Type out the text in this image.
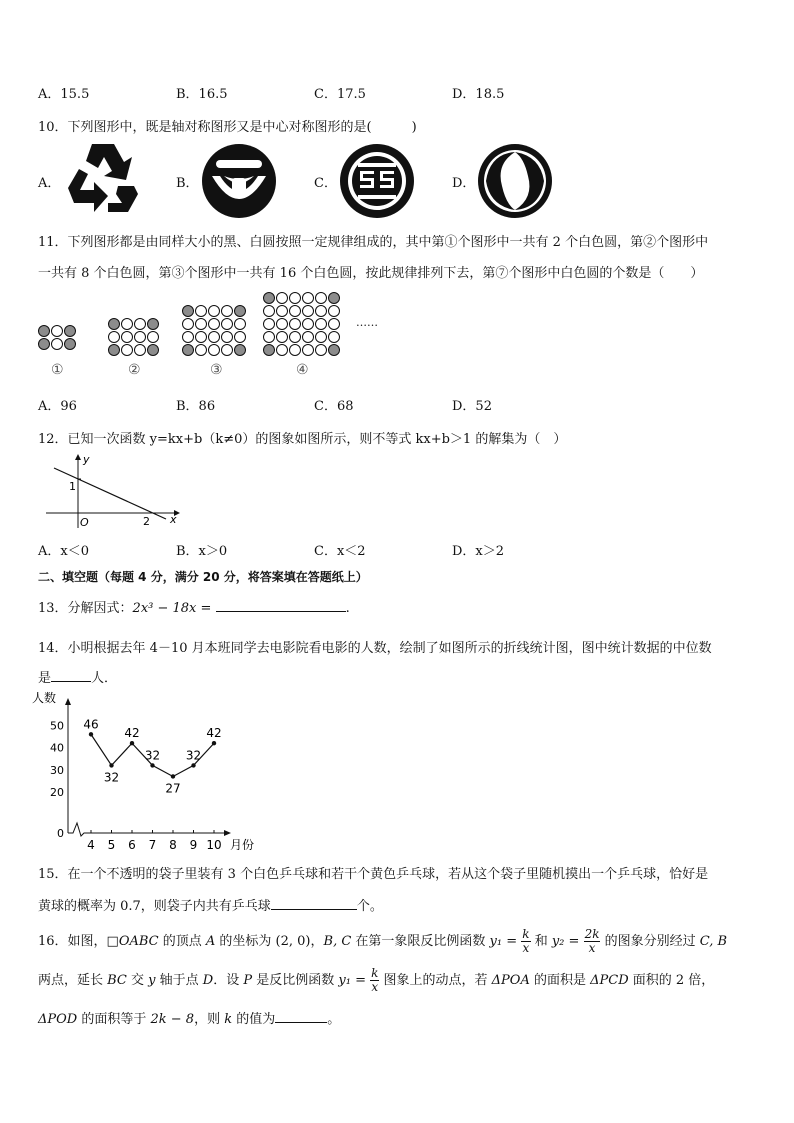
A．15.5	B．16.5	C．17.5	D．18.5
10．下列图形中，既是轴对称图形又是中心对称图形的是(	)
A．	B．	C．	D．
11．下列图形都是由同样大小的黑、白圆按照一定规律组成的，其中第①个图形中一共有 2 个白色圆，第②个图形中
一共有 8 个白色圆，第③个图形中一共有 16 个白色圆，按此规律排列下去，第⑦个图形中白色圆的个数是（　　）
①	②	③	④
……
A．96	B．86	C．68	D．52
12．已知一次函数 y=kx+b（k≠0）的图象如图所示，则不等式 kx+b＞1 的解集为（　）
y
x
O
1
2
A．x＜0	B．x＞0	C．x＜2	D．x＞2
二、填空题（每题 4 分，满分 20 分，将答案填在答题纸上）
13．分解因式：2x³ − 18x =	.
14．小明根据去年 4－10 月本班同学去电影院看电影的人数，绘制了如图所示的折线统计图，图中统计数据的中位数
是	人．
人数
月份
0
20
30
40
50
4 5 6 7 8 9 10
46
32
42
32
27
32
42
15．在一个不透明的袋子里装有 3 个白色乒乓球和若干个黄色乒乓球，若从这个袋子里随机摸出一个乒乓球，恰好是
黄球的概率为 0.7，则袋子内共有乒乓球	个。
16．如图，□OABC 的顶点 A 的坐标为 (2, 0)，B, C 在第一象限反比例函数 $y_1 = \frac{k}{x}$ 和 $y_2 = \frac{2k}{x}$ 的图象分别经过 C, B
两点，延长 BC 交 y 轴于点 D．设 P 是反比例函数 $y_1 = \frac{k}{x}$ 图象上的动点，若 ΔPOA 的面积是 ΔPCD 面积的 2 倍，
ΔPOD 的面积等于 2k − 8，则 k 的值为	。
